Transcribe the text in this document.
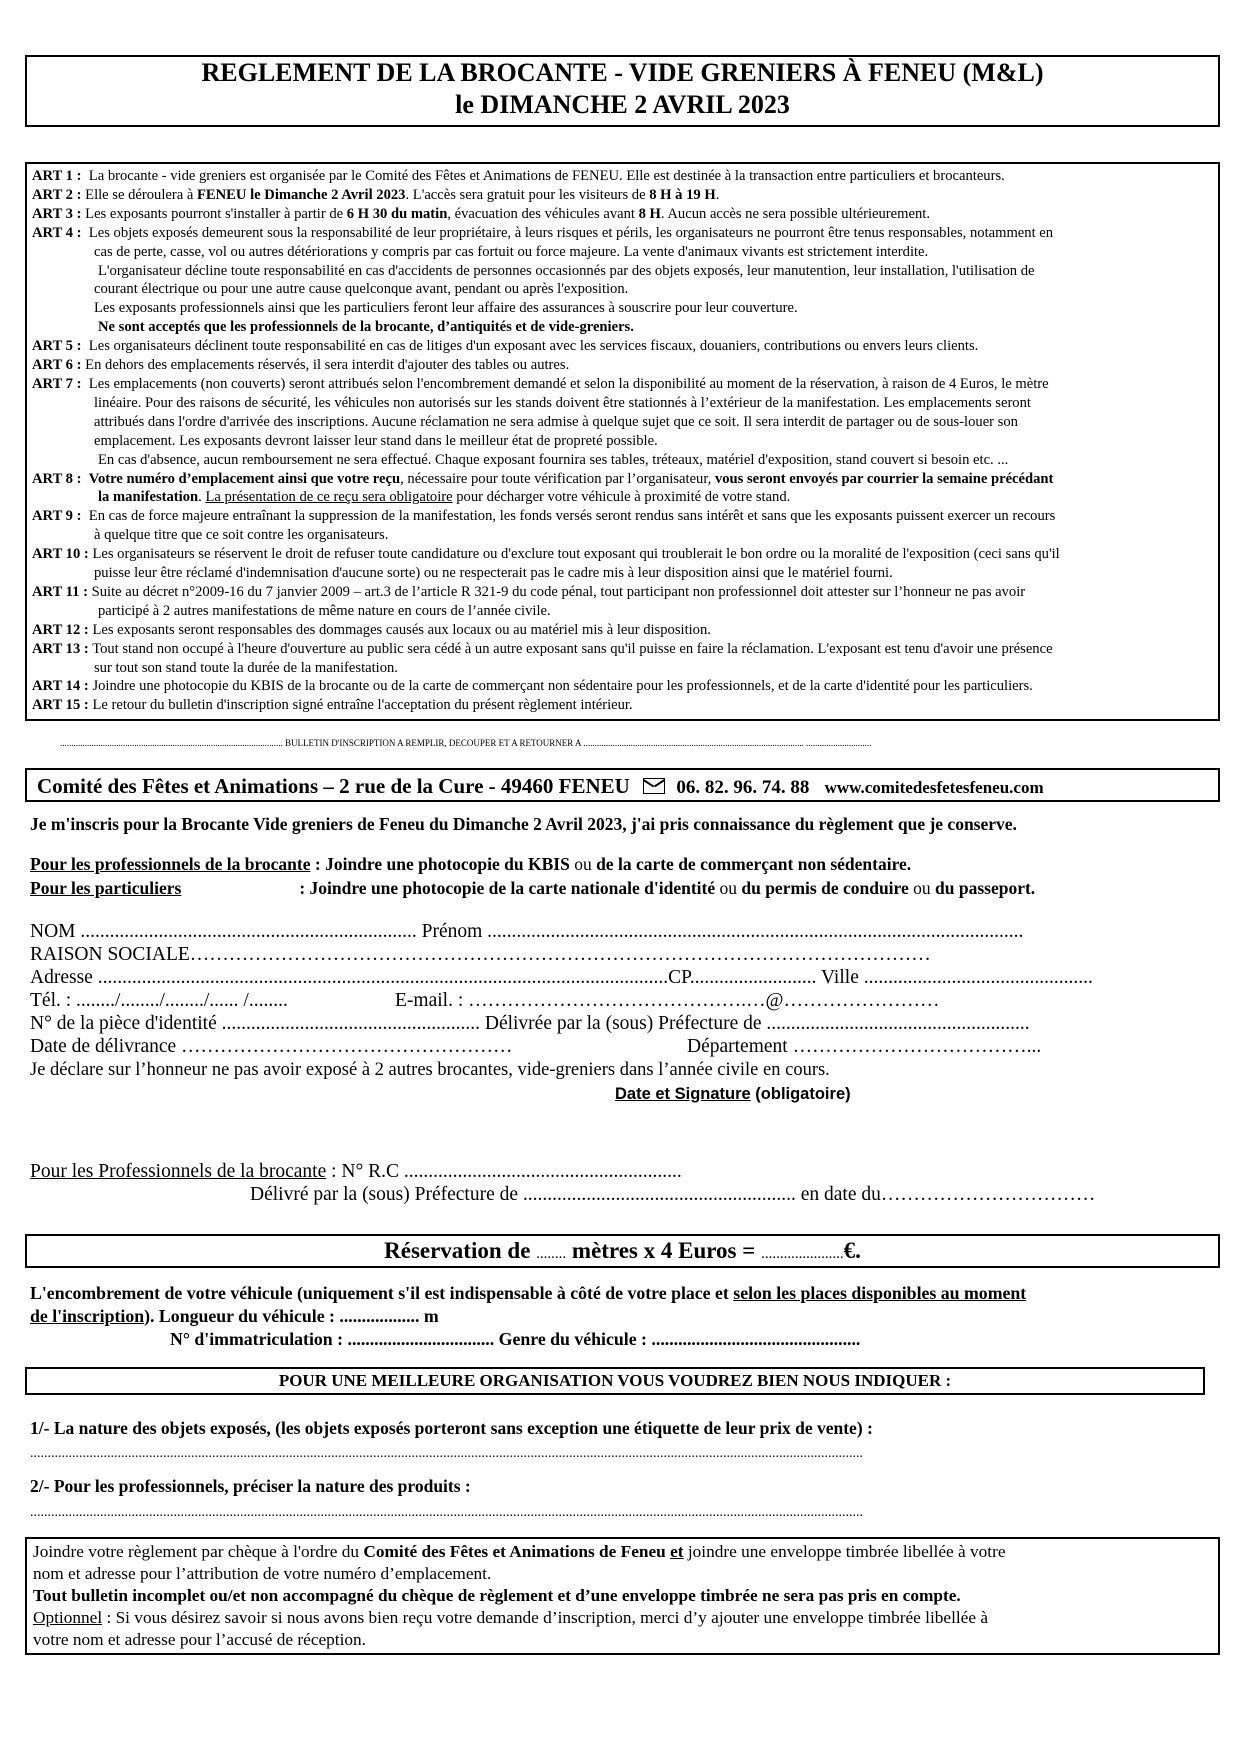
REGLEMENT DE LA BROCANTE - VIDE GRENIERS À FENEU (M&L)
le DIMANCHE 2 AVRIL 2023

ART 1 : La brocante - vide greniers est organisée par le Comité des Fêtes et Animations de FENEU. Elle est destinée à la transaction entre particuliers et brocanteurs.

ART 2 : Elle se déroulera à FENEU le Dimanche 2 Avril 2023. L'accès sera gratuit pour les visiteurs de 8 H à 19 H.

ART 3 : Les exposants pourront s'installer à partir de 6 H 30 du matin, évacuation des véhicules avant 8 H. Aucun accès ne sera possible ultérieurement.

ART 4 : Les objets exposés demeurent sous la responsabilité de leur propriétaire, à leurs risques et périls, les organisateurs ne pourront être tenus responsables, notamment en

cas de perte, casse, vol ou autres détériorations y compris par cas fortuit ou force majeure. La vente d'animaux vivants est strictement interdite.

L'organisateur décline toute responsabilité en cas d'accidents de personnes occasionnés par des objets exposés, leur manutention, leur installation, l'utilisation de

courant électrique ou pour une autre cause quelconque avant, pendant ou après l'exposition.

Les exposants professionnels ainsi que les particuliers feront leur affaire des assurances à souscrire pour leur couverture.

Ne sont acceptés que les professionnels de la brocante, d’antiquités et de vide-greniers.

ART 5 : Les organisateurs déclinent toute responsabilité en cas de litiges d'un exposant avec les services fiscaux, douaniers, contributions ou envers leurs clients.

ART 6 : En dehors des emplacements réservés, il sera interdit d'ajouter des tables ou autres.

ART 7 : Les emplacements (non couverts) seront attribués selon l'encombrement demandé et selon la disponibilité au moment de la réservation, à raison de 4 Euros, le mètre

linéaire. Pour des raisons de sécurité, les véhicules non autorisés sur les stands doivent être stationnés à l’extérieur de la manifestation. Les emplacements seront

attribués dans l'ordre d'arrivée des inscriptions. Aucune réclamation ne sera admise à quelque sujet que ce soit. Il sera interdit de partager ou de sous-louer son

emplacement. Les exposants devront laisser leur stand dans le meilleur état de propreté possible.

En cas d'absence, aucun remboursement ne sera effectué. Chaque exposant fournira ses tables, tréteaux, matériel d'exposition, stand couvert si besoin etc. ...

ART 8 : Votre numéro d’emplacement ainsi que votre reçu, nécessaire pour toute vérification par l’organisateur, vous seront envoyés par courrier la semaine précédant

la manifestation. La présentation de ce reçu sera obligatoire pour décharger votre véhicule à proximité de votre stand.

ART 9 : En cas de force majeure entraînant la suppression de la manifestation, les fonds versés seront rendus sans intérêt et sans que les exposants puissent exercer un recours

à quelque titre que ce soit contre les organisateurs.

ART 10 : Les organisateurs se réservent le droit de refuser toute candidature ou d'exclure tout exposant qui troublerait le bon ordre ou la moralité de l'exposition (ceci sans qu'il

puisse leur être réclamé d'indemnisation d'aucune sorte) ou ne respecterait pas le cadre mis à leur disposition ainsi que le matériel fourni.

ART 11 : Suite au décret n°2009-16 du 7 janvier 2009 – art.3 de l’article R 321-9 du code pénal, tout participant non professionnel doit attester sur l’honneur ne pas avoir

participé à 2 autres manifestations de même nature en cours de l’année civile.

ART 12 : Les exposants seront responsables des dommages causés aux locaux ou au matériel mis à leur disposition.

ART 13 : Tout stand non occupé à l'heure d'ouverture au public sera cédé à un autre exposant sans qu'il puisse en faire la réclamation. L'exposant est tenu d'avoir une présence

sur tout son stand toute la durée de la manifestation.

ART 14 : Joindre une photocopie du KBIS de la brocante ou de la carte de commerçant non sédentaire pour les professionnels, et de la carte d'identité pour les particuliers.

ART 15 : Le retour du bulletin d'inscription signé entraîne l'acceptation du présent règlement intérieur.

................................................................................................... BULLETIN D'INSCRIPTION A REMPLIR, DECOUPER ET A RETOURNER A .................................................................................................. .............................
Comité des Fêtes et Animations – 2 rue de la Cure - 49460 FENEU 06. 82. 96. 74. 88 www.comitedesfetesfeneu.com
Je m'inscris pour la Brocante Vide greniers de Feneu du Dimanche 2 Avril 2023, j'ai pris connaissance du règlement que je conserve.
Pour les professionnels de la brocante : Joindre une photocopie du KBIS ou de la carte de commerçant non sédentaire.
Pour les particuliers	: Joindre une photocopie de la carte nationale d'identité ou du permis de conduire ou du passeport.
NOM ..................................................................... Prénom ..............................................................................................................
RAISON SOCIALE……………………………………………………………………………………………………
Adresse .....................................................................................................................CP.......................... Ville ...............................................
Tél. : ......../......../......../...... /........	E-mail. : …………………………………….…@……………………
N° de la pièce d'identité ..................................................... Délivrée par la (sous) Préfecture de ......................................................
Date de délivrance ……………………………………………	Département ………………………………...
Je déclare sur l’honneur ne pas avoir exposé à 2 autres brocantes, vide-greniers dans l’année civile en cours.
Date et Signature (obligatoire)
Pour les Professionnels de la brocante : N° R.C .........................................................
Délivré par la (sous) Préfecture de ........................................................ en date du……………………………
Réservation de ........ mètres x 4 Euros = ......................€.
L'encombrement de votre véhicule (uniquement s'il est indispensable à côté de votre place et selon les places disponibles au moment
de l'inscription). Longueur du véhicule : .................. m
N° d'immatriculation : ................................. Genre du véhicule : ...............................................
POUR UNE MEILLEURE ORGANISATION VOUS VOUDREZ BIEN NOUS INDIQUER :
1/- La nature des objets exposés, (les objets exposés porteront sans exception une étiquette de leur prix de vente) :
..............................................................................................................................................................................................................................................
2/- Pour les professionnels, préciser la nature des produits :
..............................................................................................................................................................................................................................................

Joindre votre règlement par chèque à l'ordre du Comité des Fêtes et Animations de Feneu et joindre une enveloppe timbrée libellée à votre
nom et adresse pour l’attribution de votre numéro d’emplacement.

Tout bulletin incomplet ou/et non accompagné du chèque de règlement et d’une enveloppe timbrée ne sera pas pris en compte.

Optionnel : Si vous désirez savoir si nous avons bien reçu votre demande d’inscription, merci d’y ajouter une enveloppe timbrée libellée à
votre nom et adresse pour l’accusé de réception.
